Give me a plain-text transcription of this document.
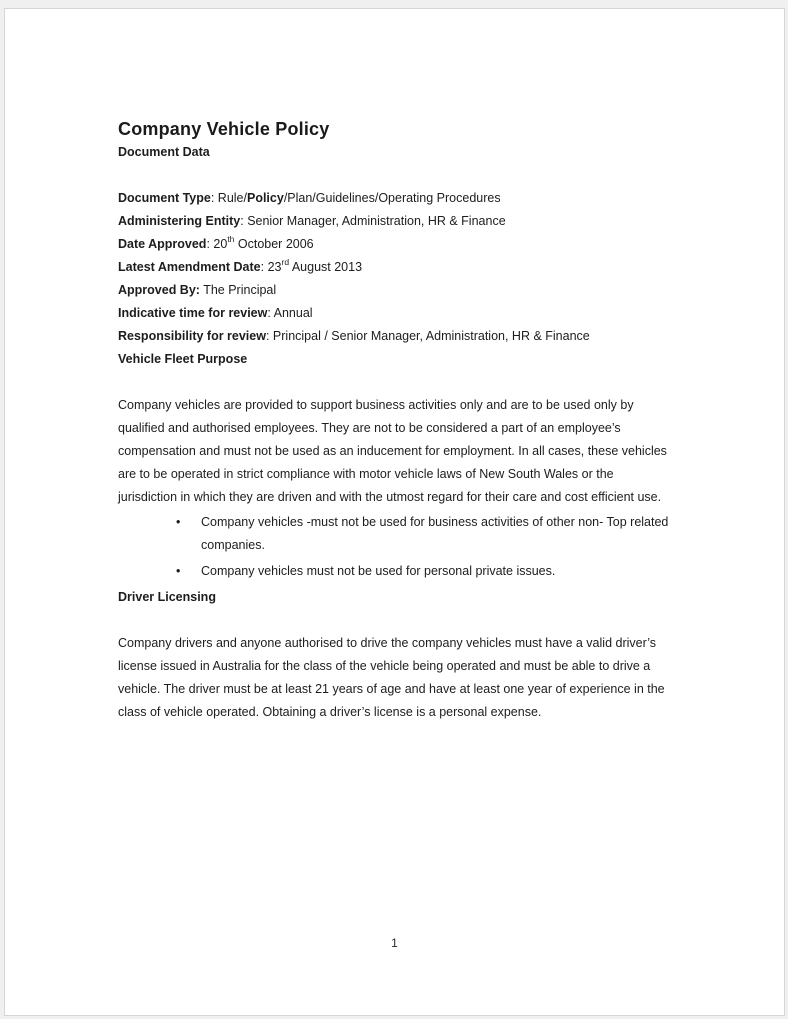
Company Vehicle Policy
Document Data

Document Type: Rule/Policy/Plan/Guidelines/Operating Procedures

Administering Entity: Senior Manager, Administration, HR & Finance

Date Approved: 20th October 2006

Latest Amendment Date: 23rd August 2013

Approved By: The Principal

Indicative time for review: Annual

Responsibility for review: Principal / Senior Manager, Administration, HR & Finance

Vehicle Fleet Purpose

Company vehicles are provided to support business activities only and are to be used only by qualified and authorised employees. They are not to be considered a part of an employee’s compensation and must not be used as an inducement for employment. In all cases, these vehicles are to be operated in strict compliance with motor vehicle laws of New South Wales or the jurisdiction in which they are driven and with the utmost regard for their care and cost efficient use.

•	Company vehicles -must not be used for business activities of other non- Top related companies.
•	Company vehicles must not be used for personal private issues.
Driver Licensing

Company drivers and anyone authorised to drive the company vehicles must have a valid driver’s license issued in Australia for the class of the vehicle being operated and must be able to drive a vehicle. The driver must be at least 21 years of age and have at least one year of experience in the class of vehicle operated. Obtaining a driver’s license is a personal expense.

1
